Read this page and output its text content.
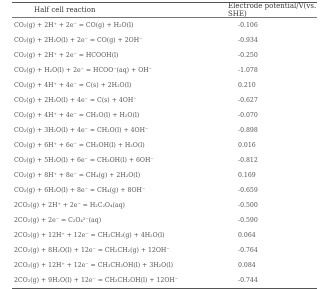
Half cell reaction	Electrode potential/V(vs. SHE)
CO₂(g) + 2H⁺ + 2e⁻ = CO(g) + H₂O(l)	-0.106
CO₂(g) + 2H₂O(l) + 2e⁻ = CO(g) + 2OH⁻	-0.934
CO₂(g) + 2H⁺ + 2e⁻ = HCOOH(l)	-0.250
CO₂(g) + H₂O(l) + 2e⁻ = HCOO⁻(aq) + OH⁻	-1.078
CO₂(g) + 4H⁺ + 4e⁻ = C(s) + 2H₂O(l)	0.210
CO₂(g) + 2H₂O(l) + 4e⁻ = C(s) + 4OH⁻	-0.627
CO₂(g) + 4H⁺ + 4e⁻ = CH₂O(l) + H₂O(l)	-0.070
CO₂(g) + 3H₂O(l) + 4e⁻ = CH₂O(l) + 4OH⁻	-0.898
CO₂(g) + 6H⁺ + 6e⁻ = CH₃OH(l) + H₂O(l)	0.016
CO₂(g) + 5H₂O(l) + 6e⁻ = CH₃OH(l) + 6OH⁻	-0.812
CO₂(g) + 8H⁺ + 8e⁻ = CH₄(g) + 2H₂O(l)	0.169
CO₂(g) + 6H₂O(l) + 8e⁻ = CH₄(g) + 8OH⁻	-0.659
2CO₂(g) + 2H⁺ + 2e⁻ = H₂C₂O₄(aq)	-0.500
2CO₂(g) + 2e⁻ = C₂O₄²⁻(aq)	-0.590
2CO₂(g) + 12H⁺ + 12e⁻ = CH₂CH₂(g) + 4H₂O(l)	0.064
2CO₂(g) + 8H₂O(l) + 12e⁻ = CH₂CH₂(g) + 12OH⁻	-0.764
2CO₂(g) + 12H⁺ + 12e⁻ = CH₃CH₂OH(l) + 3H₂O(l)	0.084
2CO₂(g) + 9H₂O(l) + 12e⁻ = CH₃CH₂OH(l) + 12OH⁻	-0.744
